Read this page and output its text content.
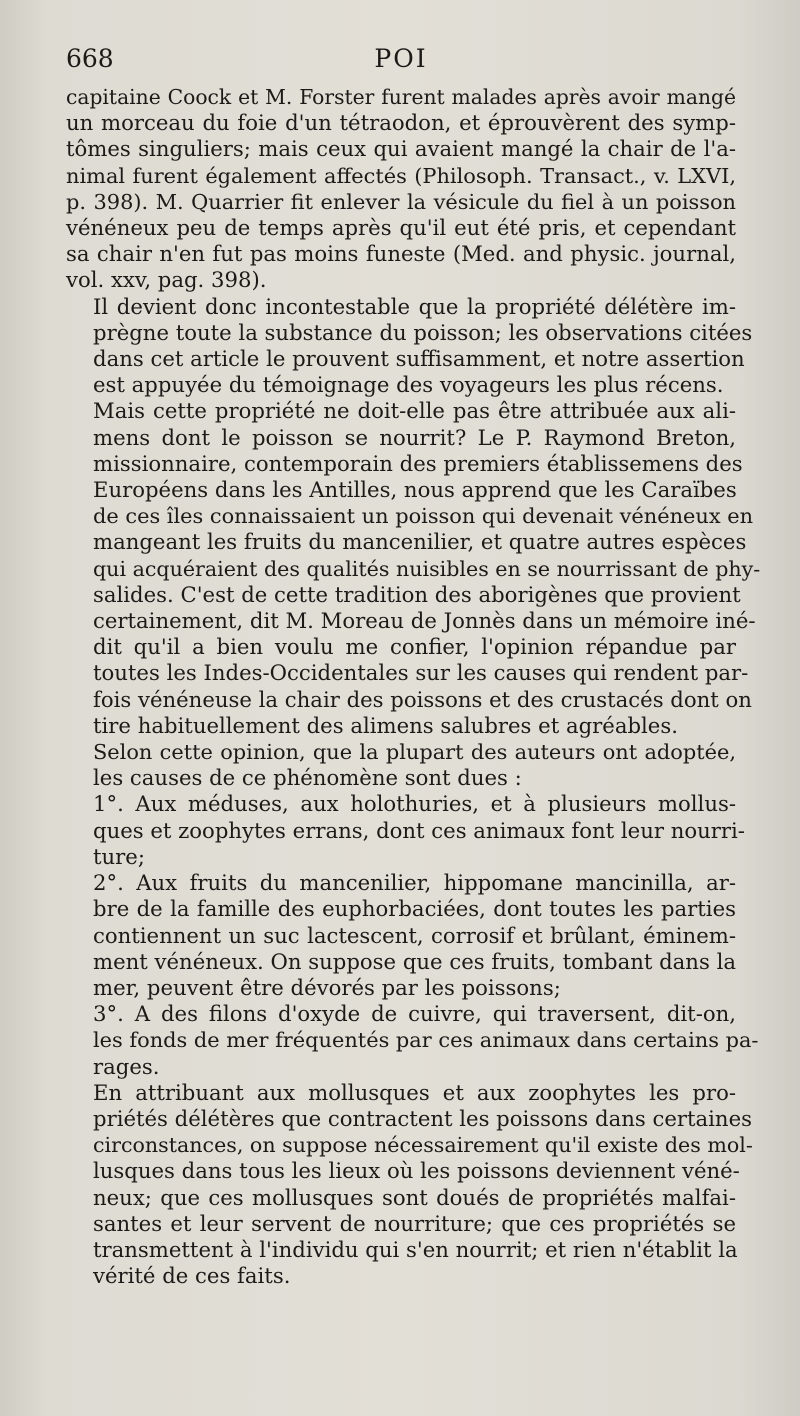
668	POI

capitaine Coock et M. Forster furent malades après avoir mangé
un morceau du foie d'un tétraodon, et éprouvèrent des symp-
tômes singuliers; mais ceux qui avaient mangé la chair de l'a-
nimal furent également affectés (Philosoph. Transact., v. LXVI,
p. 398). M. Quarrier fit enlever la vésicule du fiel à un poisson
vénéneux peu de temps après qu'il eut été pris, et cependant
sa chair n'en fut pas moins funeste (Med. and physic. journal,
vol. xxv, pag. 398).

Il devient donc incontestable que la propriété délétère im-
prègne toute la substance du poisson; les observations citées
dans cet article le prouvent suffisamment, et notre assertion
est appuyée du témoignage des voyageurs les plus récens.

Mais cette propriété ne doit-elle pas être attribuée aux ali-
mens dont le poisson se nourrit? Le P. Raymond Breton,
missionnaire, contemporain des premiers établissemens des
Européens dans les Antilles, nous apprend que les Caraïbes
de ces îles connaissaient un poisson qui devenait vénéneux en
mangeant les fruits du mancenilier, et quatre autres espèces
qui acquéraient des qualités nuisibles en se nourrissant de phy-
salides. C'est de cette tradition des aborigènes que provient
certainement, dit M. Moreau de Jonnès dans un mémoire iné-
dit qu'il a bien voulu me confier, l'opinion répandue par
toutes les Indes-Occidentales sur les causes qui rendent par-
fois vénéneuse la chair des poissons et des crustacés dont on
tire habituellement des alimens salubres et agréables.

Selon cette opinion, que la plupart des auteurs ont adoptée,
les causes de ce phénomène sont dues :

1°. Aux méduses, aux holothuries, et à plusieurs mollus-
ques et zoophytes errans, dont ces animaux font leur nourri-
ture;

2°. Aux fruits du mancenilier, hippomane mancinilla, ar-
bre de la famille des euphorbaciées, dont toutes les parties
contiennent un suc lactescent, corrosif et brûlant, éminem-
ment vénéneux. On suppose que ces fruits, tombant dans la
mer, peuvent être dévorés par les poissons;

3°. A des filons d'oxyde de cuivre, qui traversent, dit-on,
les fonds de mer fréquentés par ces animaux dans certains pa-
rages.

En attribuant aux mollusques et aux zoophytes les pro-
priétés délétères que contractent les poissons dans certaines
circonstances, on suppose nécessairement qu'il existe des mol-
lusques dans tous les lieux où les poissons deviennent véné-
neux; que ces mollusques sont doués de propriétés malfai-
santes et leur servent de nourriture; que ces propriétés se
transmettent à l'individu qui s'en nourrit; et rien n'établit la
vérité de ces faits.
